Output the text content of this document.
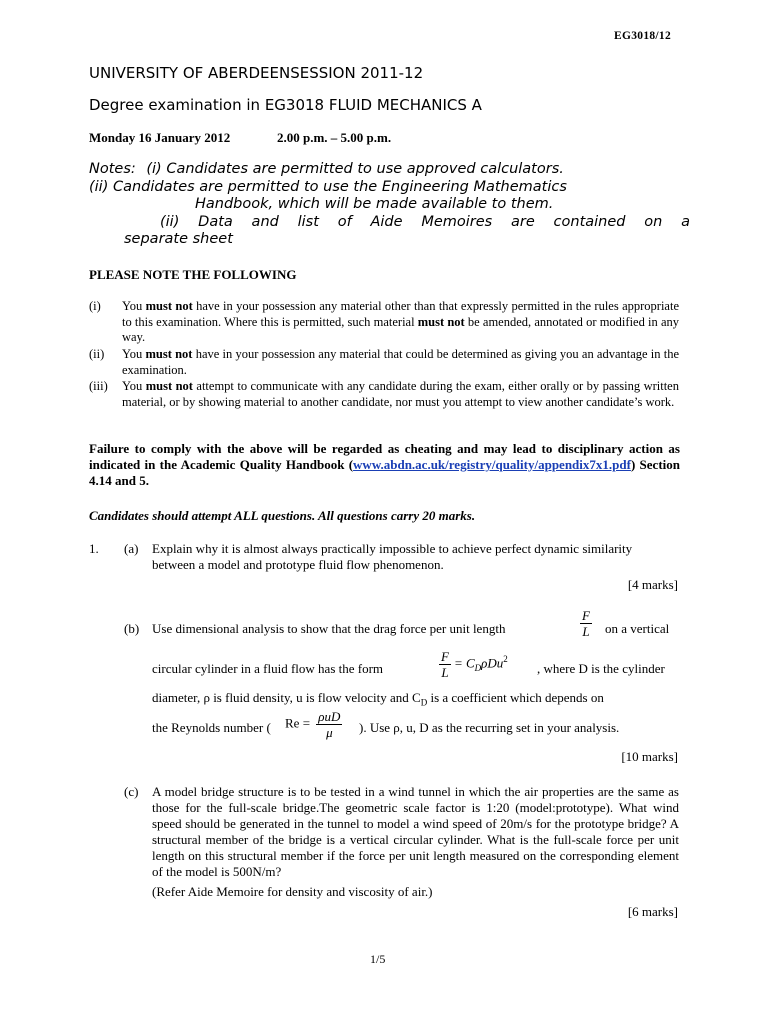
EG3018/12
UNIVERSITY OF ABERDEENSESSION 2011-12
Degree examination in EG3018 FLUID MECHANICS A
Monday 16 January 2012	2.00 p.m. – 5.00 p.m.
Notes: (i) Candidates are permitted to use approved calculators.
(ii) Candidates are permitted to use the Engineering Mathematics
Handbook, which will be made available to them.
(ii) Data and list of Aide Memoires are contained on a
separate sheet
PLEASE NOTE THE FOLLOWING
(i) You must not have in your possession any material other than that expressly permitted in the rules appropriate to this examination. Where this is permitted, such material must not be amended, annotated or modified in any way.
(ii) You must not have in your possession any material that could be determined as giving you an advantage in the examination.
(iii) You must not attempt to communicate with any candidate during the exam, either orally or by passing written material, or by showing material to another candidate, nor must you attempt to view another candidate’s work.
Failure to comply with the above will be regarded as cheating and may lead to disciplinary action as indicated in the Academic Quality Handbook (www.abdn.ac.uk/registry/quality/appendix7x1.pdf) Section 4.14 and 5.
Candidates should attempt ALL questions. All questions carry 20 marks.
1. (a) Explain why it is almost always practically impossible to achieve perfect dynamic similarity between a model and prototype fluid flow phenomenon.
[4 marks]
(b) Use dimensional analysis to show that the drag force per unit length	$\frac{F}{L}$ on a vertical
circular cylinder in a fluid flow has the form	$\frac{F}{L} = C_D\rho Du^2$
, where D is the cylinder
diameter, ρ is fluid density, u is flow velocity and $C_D$ is a coefficient which depends on
the Reynolds number ( $Re = \frac{\text{ρuD}}{\mu}$ ). Use ρ, u, D as the recurring set in your analysis.
[10 marks]
(c) A model bridge structure is to be tested in a wind tunnel in which the air properties are the same as those for the full-scale bridge.The geometric scale factor is 1:20 (model:prototype). What wind speed should be generated in the tunnel to model a wind speed of 20m/s for the prototype bridge? A structural member of the bridge is a vertical circular cylinder. What is the full-scale force per unit length on this structural member if the force per unit length measured on the corresponding element of the model is 500N/m?
(Refer Aide Memoire for density and viscosity of air.)
[6 marks]
1/5
